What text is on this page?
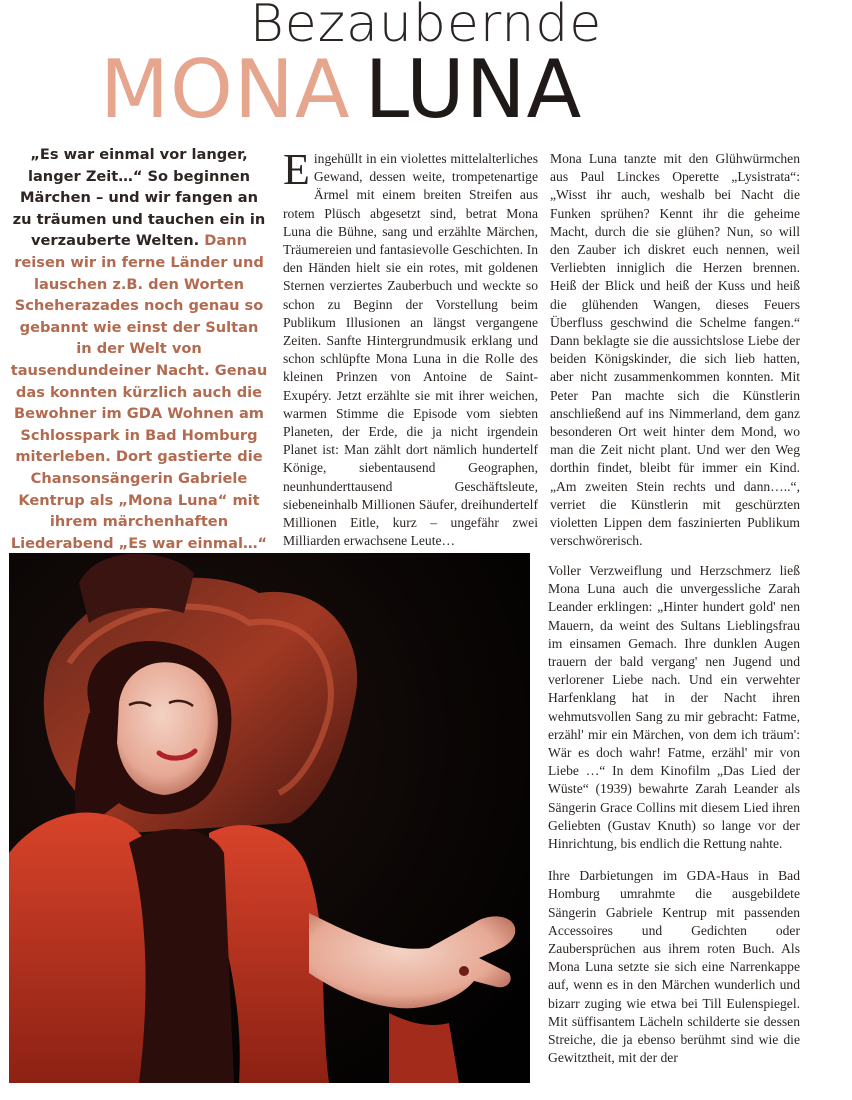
Bezaubernde
MONA LUNA
„Es war einmal vor langer, langer Zeit…“ So beginnen Märchen – und wir fangen an zu träumen und tauchen ein in verzauberte Welten. Dann reisen wir in ferne Länder und lauschen z.B. den Worten Scheherazades noch genau so gebannt wie einst der Sultan in der Welt von tausendundeiner Nacht. Genau das konnten kürzlich auch die Bewohner im GDA Wohnen am Schlosspark in Bad Homburg miterleben. Dort gastierte die Chansonsängerin Gabriele Kentrup als „Mona Luna“ mit ihrem märchenhaften Liederabend „Es war einmal…“

Eingehüllt in ein violettes mittelalterliches Gewand, dessen weite, trompetenartige Ärmel mit einem breiten Streifen aus rotem Plüsch abgesetzt sind, betrat Mona Luna die Bühne, sang und erzählte Märchen, Träumereien und fantasievolle Geschichten. In den Händen hielt sie ein rotes, mit goldenen Sternen verziertes Zauberbuch und weckte so schon zu Beginn der Vorstellung beim Publikum Illusionen an längst vergangene Zeiten. Sanfte Hintergrundmusik erklang und schon schlüpfte Mona Luna in die Rolle des kleinen Prinzen von Antoine de Saint-Exupéry. Jetzt erzählte sie mit ihrer weichen, warmen Stimme die Episode vom siebten Planeten, der Erde, die ja nicht irgendein Planet ist: Man zählt dort nämlich hundertelf Könige, siebentausend Geographen, neunhunderttausend Geschäftsleute, siebeneinhalb Millionen Säufer, dreihundertelf Millionen Eitle, kurz – ungefähr zwei Milliarden erwachsene Leute…

Mona Luna tanzte mit den Glühwürmchen aus Paul Linckes Operette „Lysistrata“: „Wisst ihr auch, weshalb bei Nacht die Funken sprühen? Kennt ihr die geheime Macht, durch die sie glühen? Nun, so will den Zauber ich diskret euch nennen, weil Verliebten inniglich die Herzen brennen. Heiß der Blick und heiß der Kuss und heiß die glühenden Wangen, dieses Feuers Überfluss geschwind die Schelme fangen.“ Dann beklagte sie die aussichtslose Liebe der beiden Königskinder, die sich lieb hatten, aber nicht zusammenkommen konnten. Mit Peter Pan machte sich die Künstlerin anschließend auf ins Nimmerland, dem ganz besonderen Ort weit hinter dem Mond, wo man die Zeit nicht plant. Und wer den Weg dorthin findet, bleibt für immer ein Kind. „Am zweiten Stein rechts und dann…..“, verriet die Künstlerin mit geschürzten violetten Lippen dem faszinierten Publikum verschwörerisch.

Voller Verzweiflung und Herzschmerz ließ Mona Luna auch die unvergessliche Zarah Leander erklingen: „Hinter hundert gold' nen Mauern, da weint des Sultans Lieblingsfrau im einsamen Gemach. Ihre dunklen Augen trauern der bald vergang' nen Jugend und verlorener Liebe nach. Und ein verwehter Harfenklang hat in der Nacht ihren wehmutsvollen Sang zu mir gebracht: Fatme, erzähl' mir ein Märchen, von dem ich träum': Wär es doch wahr! Fatme, erzähl' mir von Liebe …“ In dem Kinofilm „Das Lied der Wüste“ (1939) bewahrte Zarah Leander als Sängerin Grace Collins mit diesem Lied ihren Geliebten (Gustav Knuth) so lange vor der Hinrichtung, bis endlich die Rettung nahte.

Ihre Darbietungen im GDA-Haus in Bad Homburg umrahmte die ausgebildete Sängerin Gabriele Kentrup mit passenden Accessoires und Gedichten oder Zaubersprüchen aus ihrem roten Buch. Als Mona Luna setzte sie sich eine Narrenkappe auf, wenn es in den Märchen wunderlich und bizarr zuging wie etwa bei Till Eulenspiegel. Mit süffisantem Lächeln schilderte sie dessen Streiche, die ja ebenso berühmt sind wie die Gewitztheit, mit der der
